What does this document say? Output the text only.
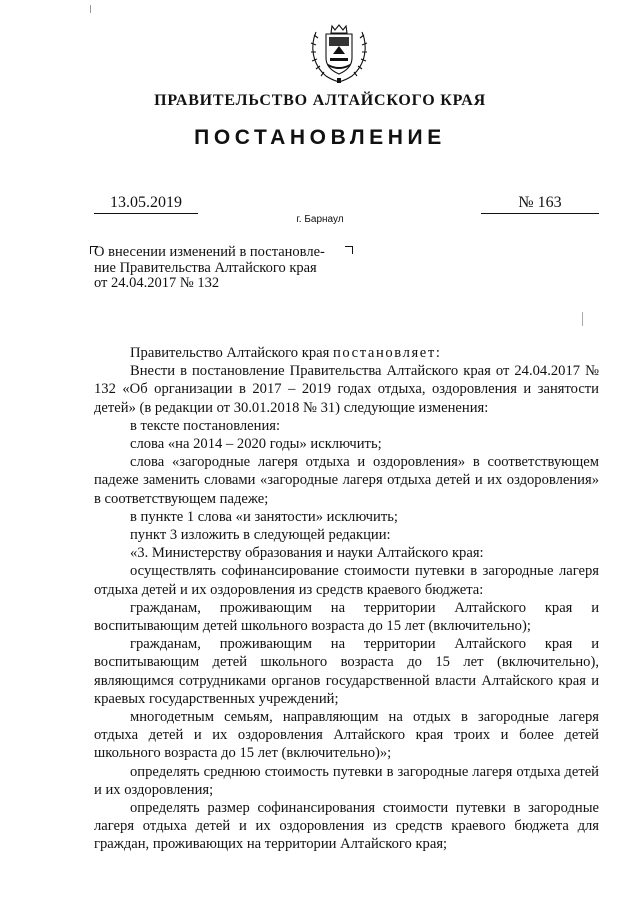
ПРАВИТЕЛЬСТВО АЛТАЙСКОГО КРАЯ
ПОСТАНОВЛЕНИЕ
13.05.2019	№ 163
г. Барнаул
О внесении изменений в постановле-
ние Правительства Алтайского края
от 24.04.2017 № 132
Правительство Алтайского края постановляет:
Внести в постановление Правительства Алтайского края от 24.04.2017 № 132 «Об организации в 2017 – 2019 годах отдыха, оздоровления и занятости детей» (в редакции от 30.01.2018 № 31) следующие изменения:
в тексте постановления:
слова «на 2014 – 2020 годы» исключить;
слова «загородные лагеря отдыха и оздоровления» в соответствующем падеже заменить словами «загородные лагеря отдыха детей и их оздоровления» в соответствующем падеже;
в пункте 1 слова «и занятости» исключить;
пункт 3 изложить в следующей редакции:
«3. Министерству образования и науки Алтайского края:
осуществлять софинансирование стоимости путевки в загородные лагеря отдыха детей и их оздоровления из средств краевого бюджета:
гражданам, проживающим на территории Алтайского края и воспитывающим детей школьного возраста до 15 лет (включительно);
гражданам, проживающим на территории Алтайского края и воспитывающим детей школьного возраста до 15 лет (включительно), являющимся сотрудниками органов государственной власти Алтайского края и краевых государственных учреждений;
многодетным семьям, направляющим на отдых в загородные лагеря отдыха детей и их оздоровления Алтайского края троих и более детей школьного возраста до 15 лет (включительно)»;
определять среднюю стоимость путевки в загородные лагеря отдыха детей и их оздоровления;
определять размер софинансирования стоимости путевки в загородные лагеря отдыха детей и их оздоровления из средств краевого бюджета для граждан, проживающих на территории Алтайского края;
